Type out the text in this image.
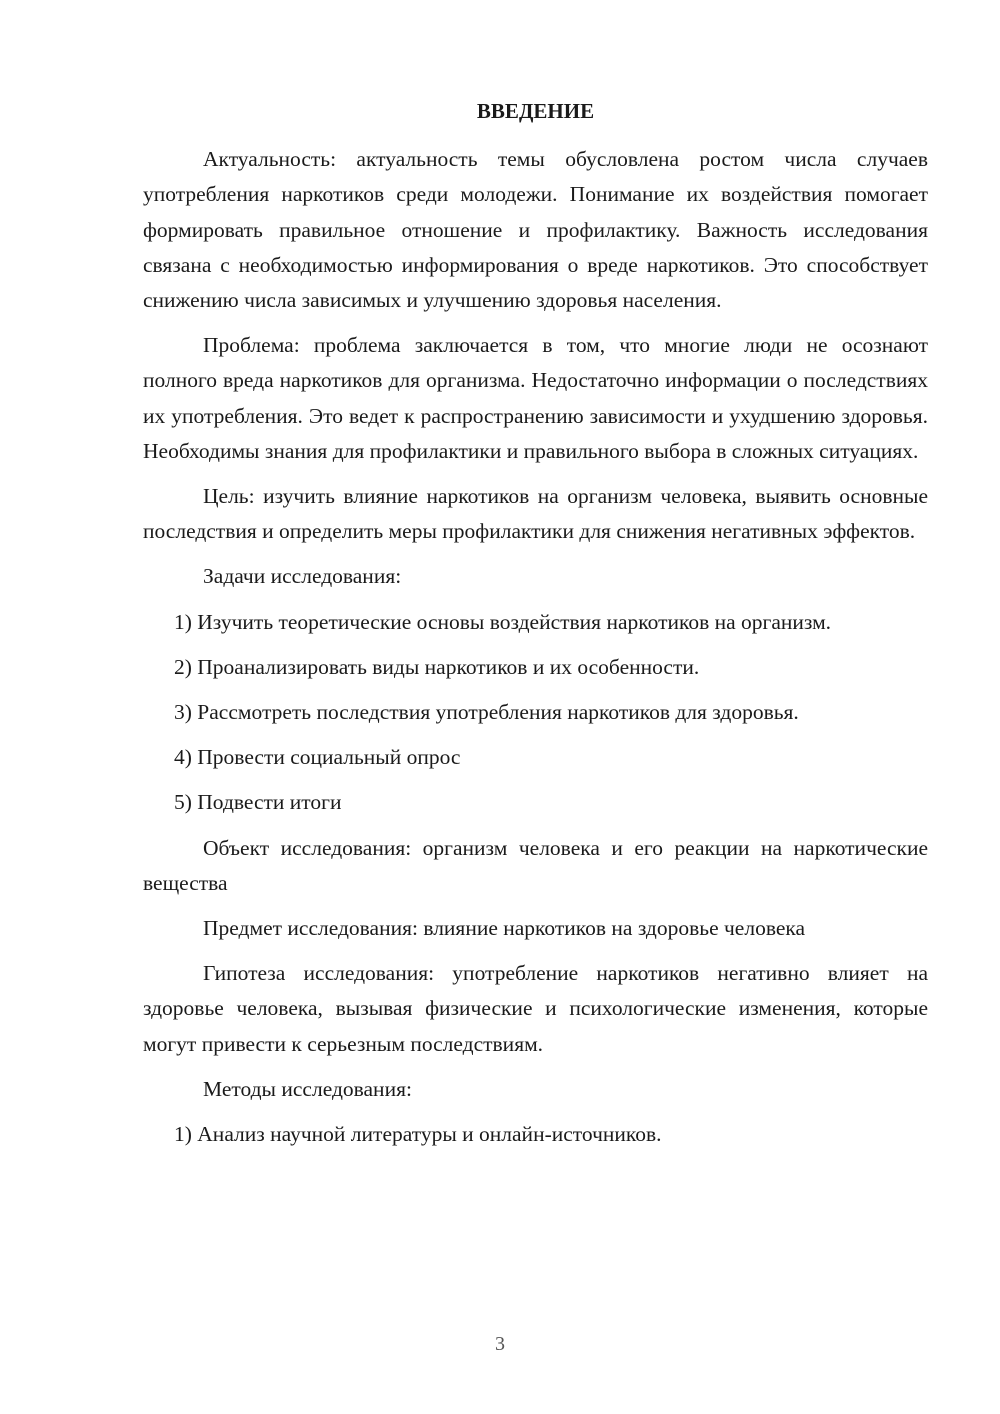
ВВЕДЕНИЕ

Актуальность: актуальность темы обусловлена ростом числа случаев употребления наркотиков среди молодежи. Понимание их воздействия помогает формировать правильное отношение и профилактику. Важность исследования связана с необходимостью информирования о вреде наркотиков. Это способствует снижению числа зависимых и улучшению здоровья населения.

Проблема: проблема заключается в том, что многие люди не осознают полного вреда наркотиков для организма. Недостаточно информации о последствиях их употребления. Это ведет к распространению зависимости и ухудшению здоровья. Необходимы знания для профилактики и правильного выбора в сложных ситуациях.

Цель: изучить влияние наркотиков на организм человека, выявить основные последствия и определить меры профилактики для снижения негативных эффектов.

Задачи исследования:

1) Изучить теоретические основы воздействия наркотиков на организм.

2) Проанализировать виды наркотиков и их особенности.

3) Рассмотреть последствия употребления наркотиков для здоровья.

4) Провести социальный опрос

5) Подвести итоги

Объект исследования: организм человека и его реакции на наркотические вещества

Предмет исследования: влияние наркотиков на здоровье человека

Гипотеза исследования: употребление наркотиков негативно влияет на здоровье человека, вызывая физические и психологические изменения, которые могут привести к серьезным последствиям.

Методы исследования:

1) Анализ научной литературы и онлайн-источников.

3
